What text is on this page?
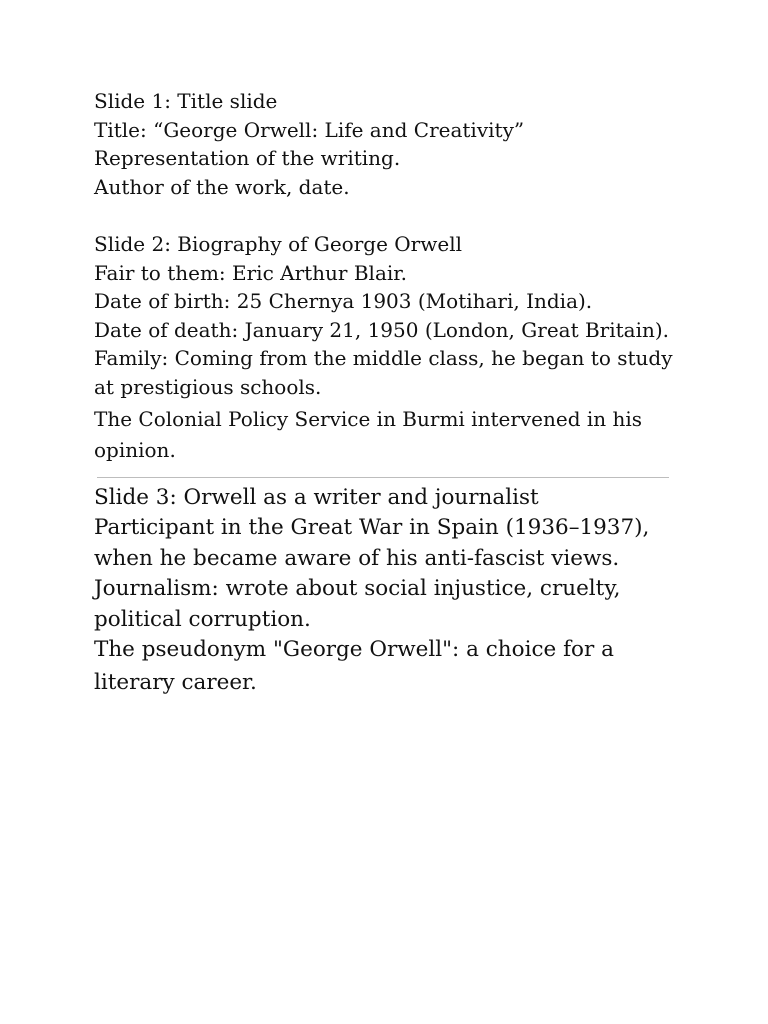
Slide 1: Title slide

Title: “George Orwell: Life and Creativity”

Representation of the writing.

Author of the work, date.

Slide 2: Biography of George Orwell

Fair to them: Eric Arthur Blair.

Date of birth: 25 Chernya 1903 (Motihari, India).

Date of death: January 21, 1950 (London, Great Britain).

Family: Coming from the middle class, he began to study

at prestigious schools.

The Colonial Policy Service in Burmi intervened in his

opinion.

Slide 3: Orwell as a writer and journalist

Participant in the Great War in Spain (1936–1937),

when he became aware of his anti-fascist views.

Journalism: wrote about social injustice, cruelty,

political corruption.

The pseudonym "George Orwell": a choice for a

literary career.
